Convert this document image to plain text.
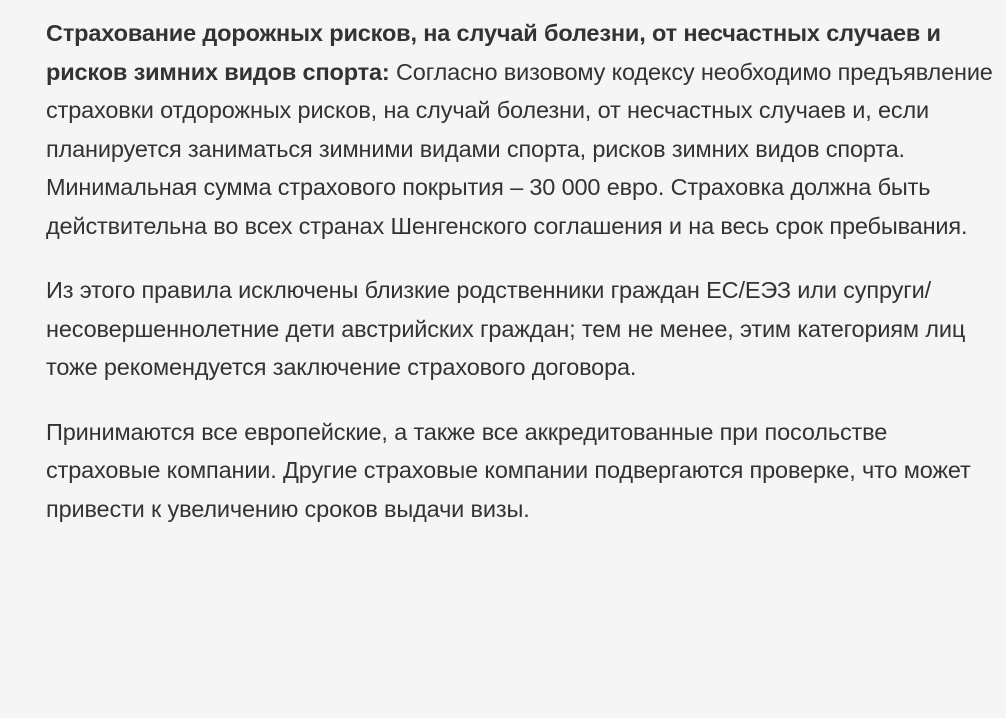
Страхование дорожных рисков, на случай болезни, от несчастных случаев и рисков зимних видов спорта: Согласно визовому кодексу необходимо предъявление страховки отдорожных рисков, на случай болезни, от несчастных случаев и, если планируется заниматься зимними видами спорта, рисков зимних видов спорта. Минимальная сумма страхового покрытия – 30 000 евро. Страховка должна быть действительна во всех странах Шенгенского соглашения и на весь срок пребывания.

Из этого правила исключены близкие родственники граждан ЕС/ЕЭЗ или супруги/несовершеннолетние дети австрийских граждан; тем не менее, этим категориям лиц тоже рекомендуется заключение страхового договора.

Принимаются все европейские, а также все аккредитованные при посольстве страховые компании. Другие страховые компании подвергаются проверке, что может привести к увеличению сроков выдачи визы.
